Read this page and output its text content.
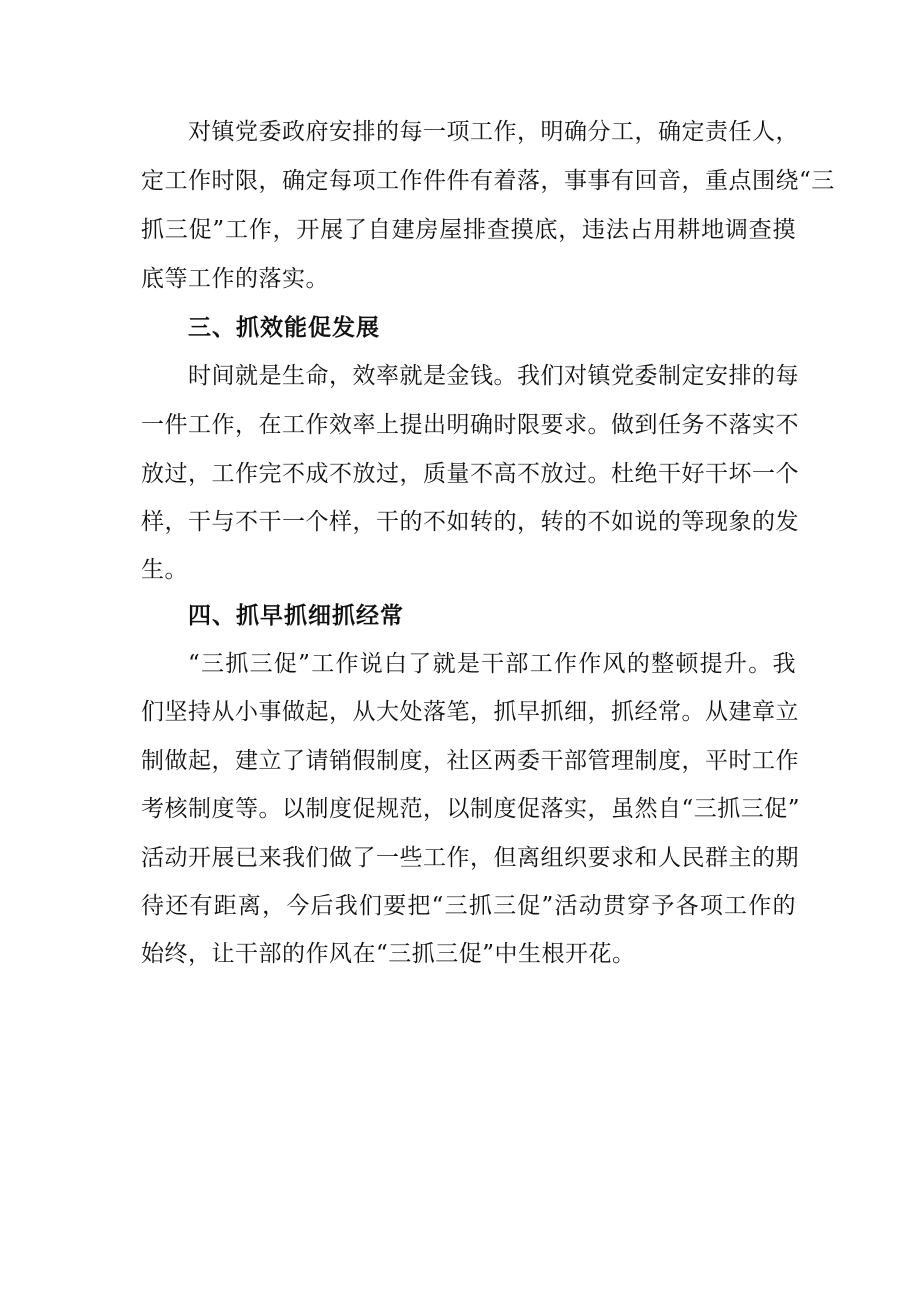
对镇党委政府安排的每一项工作，明确分工，确定责任人，
定工作时限，确定每项工作件件有着落，事事有回音，重点围绕“三
抓三促”工作，开展了自建房屋排查摸底，违法占用耕地调查摸
底等工作的落实。
三、抓效能促发展
时间就是生命，效率就是金钱。我们对镇党委制定安排的每
一件工作，在工作效率上提出明确时限要求。做到任务不落实不
放过，工作完不成不放过，质量不高不放过。杜绝干好干坏一个
样，干与不干一个样，干的不如转的，转的不如说的等现象的发
生。
四、抓早抓细抓经常
“三抓三促”工作说白了就是干部工作作风的整顿提升。我
们坚持从小事做起，从大处落笔，抓早抓细，抓经常。从建章立
制做起，建立了请销假制度，社区两委干部管理制度，平时工作
考核制度等。以制度促规范，以制度促落实，虽然自“三抓三促”
活动开展已来我们做了一些工作，但离组织要求和人民群主的期
待还有距离，今后我们要把“三抓三促”活动贯穿予各项工作的
始终，让干部的作风在“三抓三促”中生根开花。
